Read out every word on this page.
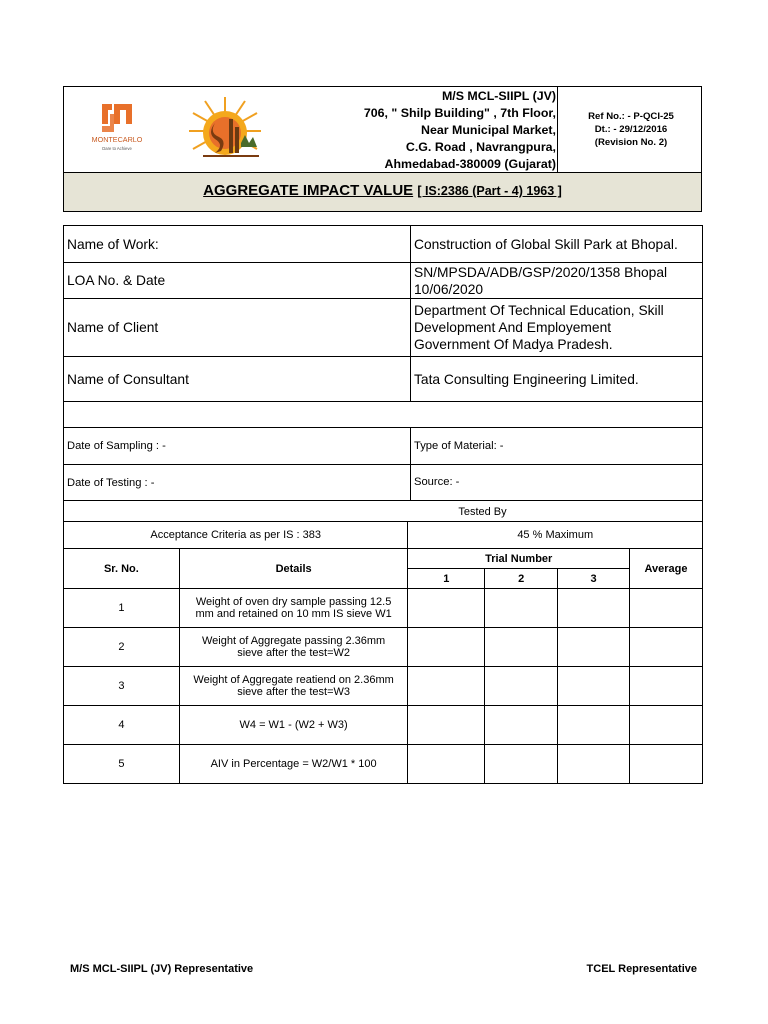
MONTECARLO
Dare to Achieve
M/S MCL-SIIPL (JV)
706, " Shilp Building" , 7th Floor,
Near Municipal Market,
C.G. Road , Navrangpura,
Ahmedabad-380009 (Gujarat)
Ref No.: - P-QCI-25
Dt.: - 29/12/2016
(Revision No. 2)
AGGREGATE IMPACT VALUE [ IS:2386 (Part - 4) 1963 ]
Name of Work:	Construction of Global Skill Park at Bhopal.
LOA No. & Date	SN/MPSDA/ADB/GSP/2020/1358 Bhopal
10/06/2020

Name of Client	Department Of Technical Education, Skill
Development And Employement
Government Of Madya Pradesh.

Name of Consultant	Tata Consulting Engineering Limited.

Date of Sampling : -	Type of Material: -
Date of Testing : -	Source: -
Tested By
Acceptance Criteria as per IS : 383		45 % Maximum			
Sr. No.	Details	Trial Number			Average
		1	2	3	
1	Weight of oven dry sample passing 12.5
mm and retained on 10 mm IS sieve W1				

2	Weight of Aggregate passing 2.36mm
sieve after the test=W2				

3	Weight of Aggregate reatiend on 2.36mm
sieve after the test=W3				

4	W4 = W1 - (W2 + W3)				
5	AIV in Percentage = W2/W1 * 100				
M/S MCL-SIIPL (JV) Representative	TCEL Representative
